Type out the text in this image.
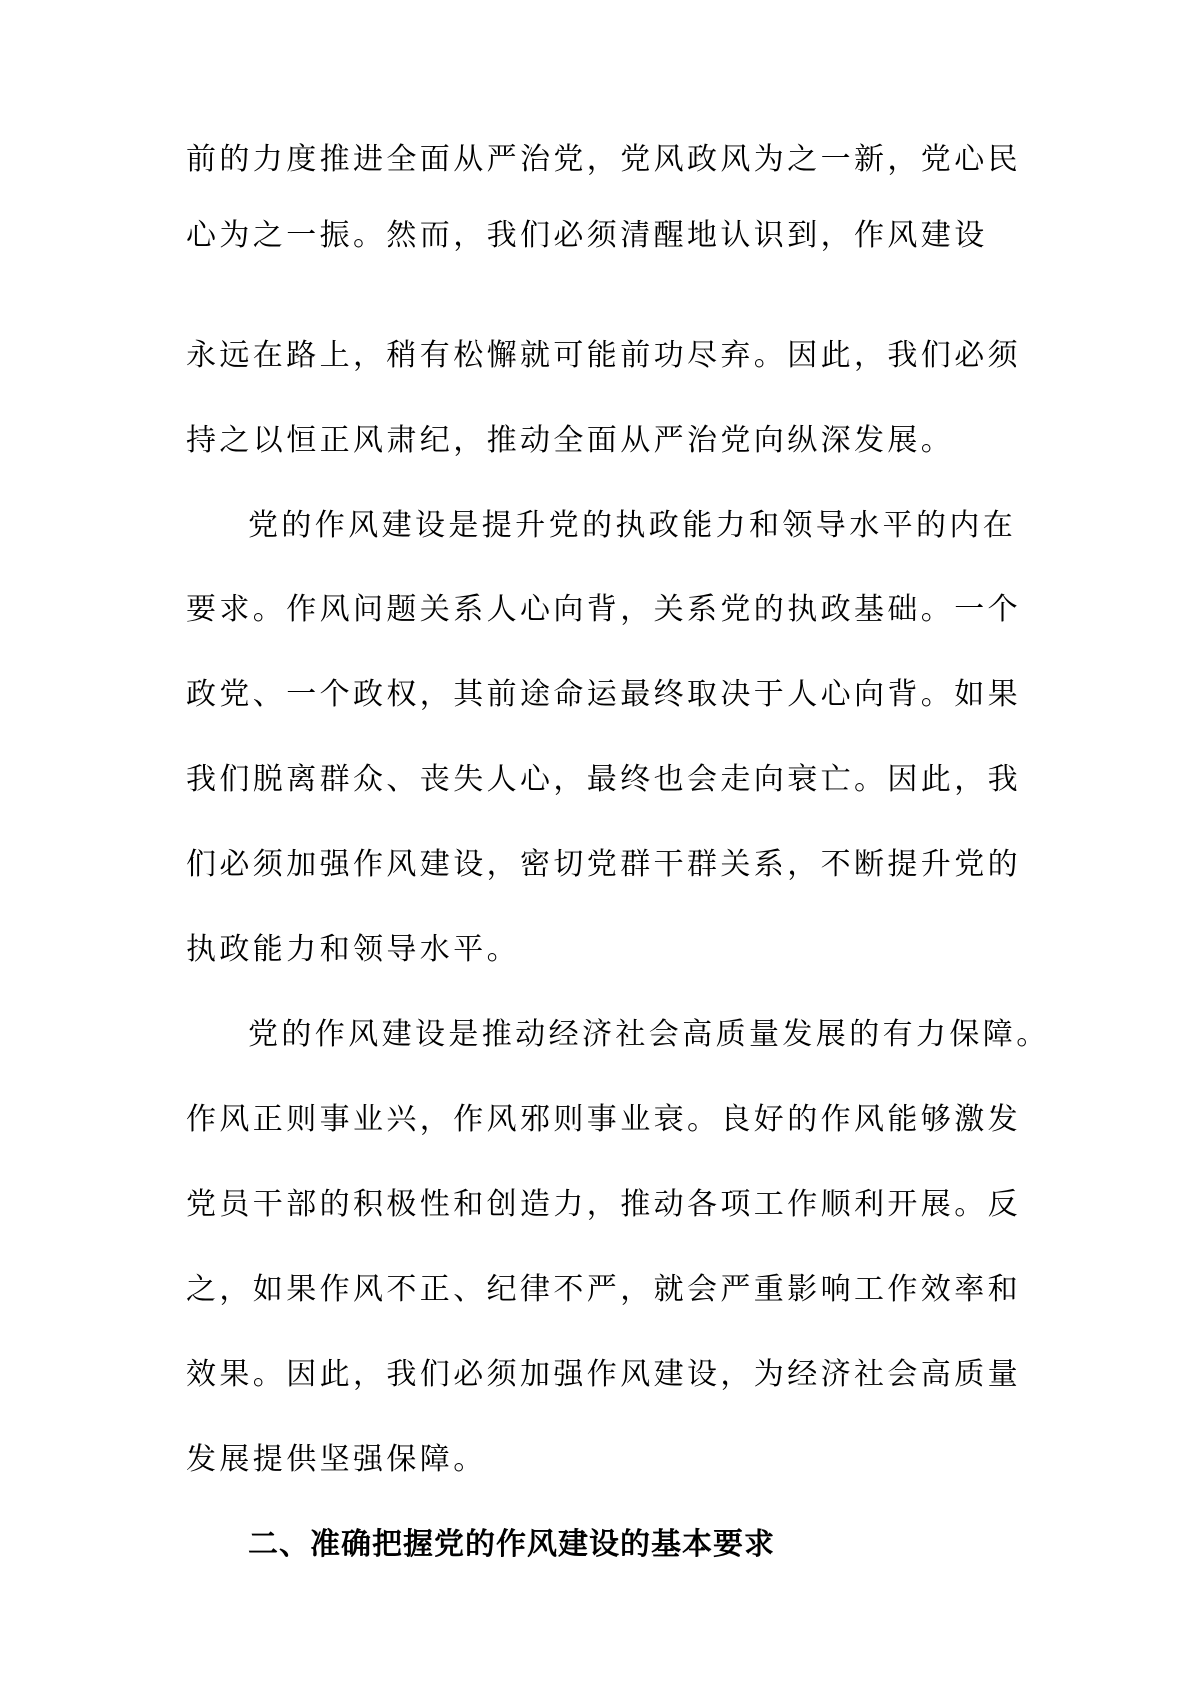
前的力度推进全面从严治党，党风政风为之一新，党心民
心为之一振。然而，我们必须清醒地认识到，作风建设
永远在路上，稍有松懈就可能前功尽弃。因此，我们必须
持之以恒正风肃纪，推动全面从严治党向纵深发展。
党的作风建设是提升党的执政能力和领导水平的内在
要求。作风问题关系人心向背，关系党的执政基础。一个
政党、一个政权，其前途命运最终取决于人心向背。如果
我们脱离群众、丧失人心，最终也会走向衰亡。因此，我
们必须加强作风建设，密切党群干群关系，不断提升党的
执政能力和领导水平。
党的作风建设是推动经济社会高质量发展的有力保障。
作风正则事业兴，作风邪则事业衰。良好的作风能够激发
党员干部的积极性和创造力，推动各项工作顺利开展。反
之，如果作风不正、纪律不严，就会严重影响工作效率和
效果。因此，我们必须加强作风建设，为经济社会高质量
发展提供坚强保障。
二、准确把握党的作风建设的基本要求
